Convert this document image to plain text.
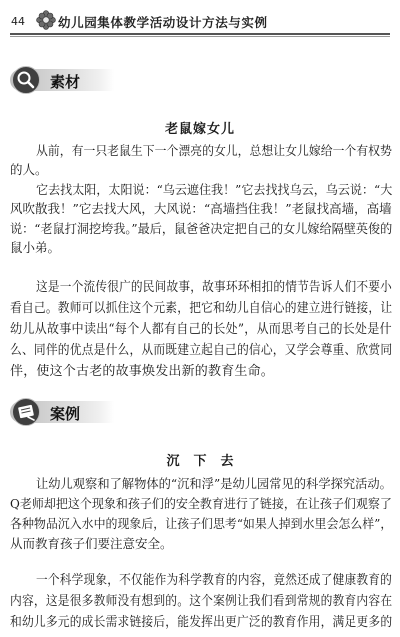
44	幼儿园集体教学活动设计方法与实例
素材
老鼠嫁女儿
从前，有一只老鼠生下一个漂亮的女儿，总想让女儿嫁给一个有权势
的人。
它去找太阳，太阳说：“乌云遮住我！”它去找找乌云，乌云说：“大
风吹散我！”它去找大风，大风说：“高墙挡住我！”老鼠找高墙，高墙
说：“老鼠打洞挖垮我。”最后，鼠爸爸决定把自己的女儿嫁给隔壁英俊的
鼠小弟。
这是一个流传很广的民间故事，故事环环相扣的情节告诉人们不要小
看自己。教师可以抓住这个元素，把它和幼儿自信心的建立进行链接，让
幼儿从故事中读出“每个人都有自己的长处”，从而思考自己的长处是什
么、同伴的优点是什么，从而既建立起自己的信心，又学会尊重、欣赏同
伴，使这个古老的故事焕发出新的教育生命。
案例
沉下去
让幼儿观察和了解物体的“沉和浮”是幼儿园常见的科学探究活动。
Q老师却把这个现象和孩子们的安全教育进行了链接，在让孩子们观察了
各种物品沉入水中的现象后，让孩子们思考“如果人掉到水里会怎么样”，
从而教育孩子们要注意安全。
一个科学现象，不仅能作为科学教育的内容，竟然还成了健康教育的
内容，这是很多教师没有想到的。这个案例让我们看到常规的教育内容在
和幼儿多元的成长需求链接后，能发挥出更广泛的教育作用，满足更多的
